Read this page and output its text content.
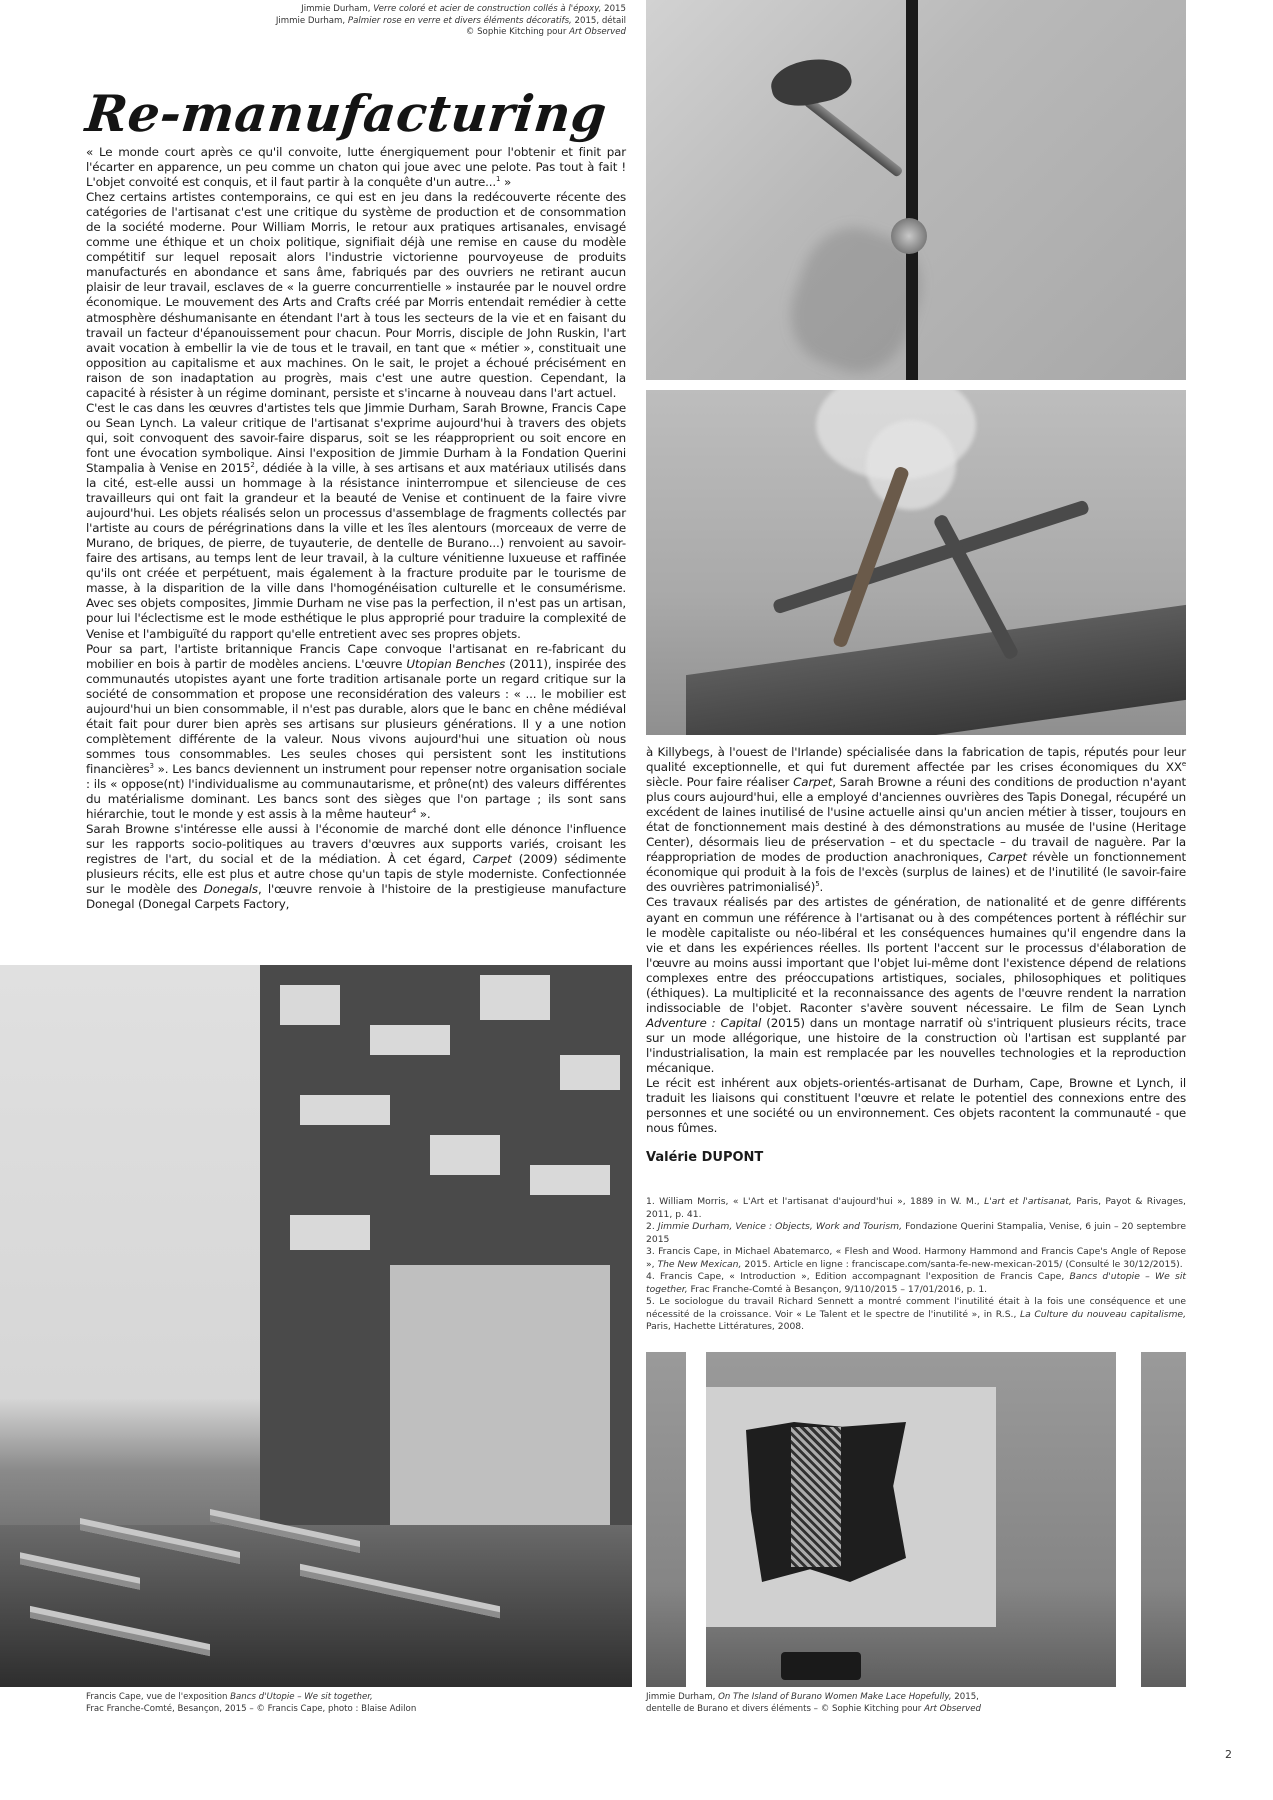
Jimmie Durham, Verre coloré et acier de construction collés à l'époxy, 2015
Jimmie Durham, Palmier rose en verre et divers éléments décoratifs, 2015, détail
© Sophie Kitching pour Art Observed
Re-manufacturing

« Le monde court après ce qu'il convoite, lutte énergiquement pour l'obtenir et finit par l'écarter en apparence, un peu comme un chaton qui joue avec une pelote. Pas tout à fait ! L'objet convoité est conquis, et il faut partir à la conquête d'un autre...$^1$ »

Chez certains artistes contemporains, ce qui est en jeu dans la redécouverte récente des catégories de l'artisanat c'est une critique du système de production et de consommation de la société moderne. Pour William Morris, le retour aux pratiques artisanales, envisagé comme une éthique et un choix politique, signifiait déjà une remise en cause du modèle compétitif sur lequel reposait alors l'industrie victorienne pourvoyeuse de produits manufacturés en abondance et sans âme, fabriqués par des ouvriers ne retirant aucun plaisir de leur travail, esclaves de « la guerre concurrentielle » instaurée par le nouvel ordre économique. Le mouvement des Arts and Crafts créé par Morris entendait remédier à cette atmosphère déshumanisante en étendant l'art à tous les secteurs de la vie et en faisant du travail un facteur d'épanouissement pour chacun. Pour Morris, disciple de John Ruskin, l'art avait vocation à embellir la vie de tous et le travail, en tant que « métier », constituait une opposition au capitalisme et aux machines. On le sait, le projet a échoué précisément en raison de son inadaptation au progrès, mais c'est une autre question. Cependant, la capacité à résister à un régime dominant, persiste et s'incarne à nouveau dans l'art actuel.

C'est le cas dans les œuvres d'artistes tels que Jimmie Durham, Sarah Browne, Francis Cape ou Sean Lynch. La valeur critique de l'artisanat s'exprime aujourd'hui à travers des objets qui, soit convoquent des savoir-faire disparus, soit se les réapproprient ou soit encore en font une évocation symbolique. Ainsi l'exposition de Jimmie Durham à la Fondation Querini Stampalia à Venise en 2015$^2$, dédiée à la ville, à ses artisans et aux matériaux utilisés dans la cité, est-elle aussi un hommage à la résistance ininterrompue et silencieuse de ces travailleurs qui ont fait la grandeur et la beauté de Venise et continuent de la faire vivre aujourd'hui. Les objets réalisés selon un processus d'assemblage de fragments collectés par l'artiste au cours de pérégrinations dans la ville et les îles alentours (morceaux de verre de Murano, de briques, de pierre, de tuyauterie, de dentelle de Burano...) renvoient au savoir-faire des artisans, au temps lent de leur travail, à la culture vénitienne luxueuse et raffinée qu'ils ont créée et perpétuent, mais également à la fracture produite par le tourisme de masse, à la disparition de la ville dans l'homogénéisation culturelle et le consumérisme. Avec ses objets composites, Jimmie Durham ne vise pas la perfection, il n'est pas un artisan, pour lui l'éclectisme est le mode esthétique le plus approprié pour traduire la complexité de Venise et l'ambiguïté du rapport qu'elle entretient avec ses propres objets.

Pour sa part, l'artiste britannique Francis Cape convoque l'artisanat en re-fabricant du mobilier en bois à partir de modèles anciens. L'œuvre Utopian Benches (2011), inspirée des communautés utopistes ayant une forte tradition artisanale porte un regard critique sur la société de consommation et propose une reconsidération des valeurs : « ... le mobilier est aujourd'hui un bien consommable, il n'est pas durable, alors que le banc en chêne médiéval était fait pour durer bien après ses artisans sur plusieurs générations. Il y a une notion complètement différente de la valeur. Nous vivons aujourd'hui une situation où nous sommes tous consommables. Les seules choses qui persistent sont les institutions financières$^3$ ». Les bancs deviennent un instrument pour repenser notre organisation sociale : ils « oppose(nt) l'individualisme au communautarisme, et prône(nt) des valeurs différentes du matérialisme dominant. Les bancs sont des sièges que l'on partage ; ils sont sans hiérarchie, tout le monde y est assis à la même hauteur$^4$ ».

Sarah Browne s'intéresse elle aussi à l'économie de marché dont elle dénonce l'influence sur les rapports socio-politiques au travers d'œuvres aux supports variés, croisant les registres de l'art, du social et de la médiation. À cet égard, Carpet (2009) sédimente plusieurs récits, elle est plus et autre chose qu'un tapis de style moderniste. Confectionnée sur le modèle des Donegals, l'œuvre renvoie à l'histoire de la prestigieuse manufacture Donegal (Donegal Carpets Factory,

à Killybegs, à l'ouest de l'Irlande) spécialisée dans la fabrication de tapis, réputés pour leur qualité exceptionnelle, et qui fut durement affectée par les crises économiques du XXe siècle. Pour faire réaliser Carpet, Sarah Browne a réuni des conditions de production n'ayant plus cours aujourd'hui, elle a employé d'anciennes ouvrières des Tapis Donegal, récupéré un excédent de laines inutilisé de l'usine actuelle ainsi qu'un ancien métier à tisser, toujours en état de fonctionnement mais destiné à des démonstrations au musée de l'usine (Heritage Center), désormais lieu de préservation – et du spectacle – du travail de naguère. Par la réappropriation de modes de production anachroniques, Carpet révèle un fonctionnement économique qui produit à la fois de l'excès (surplus de laines) et de l'inutilité (le savoir-faire des ouvrières patrimonialisé)$^5$.

Ces travaux réalisés par des artistes de génération, de nationalité et de genre différents ayant en commun une référence à l'artisanat ou à des compétences portent à réfléchir sur le modèle capitaliste ou néo-libéral et les conséquences humaines qu'il engendre dans la vie et dans les expériences réelles. Ils portent l'accent sur le processus d'élaboration de l'œuvre au moins aussi important que l'objet lui-même dont l'existence dépend de relations complexes entre des préoccupations artistiques, sociales, philosophiques et politiques (éthiques). La multiplicité et la reconnaissance des agents de l'œuvre rendent la narration indissociable de l'objet. Raconter s'avère souvent nécessaire. Le film de Sean Lynch Adventure : Capital (2015) dans un montage narratif où s'intriquent plusieurs récits, trace sur un mode allégorique, une histoire de la construction où l'artisan est supplanté par l'industrialisation, la main est remplacée par les nouvelles technologies et la reproduction mécanique.

Le récit est inhérent aux objets-orientés-artisanat de Durham, Cape, Browne et Lynch, il traduit les liaisons qui constituent l'œuvre et relate le potentiel des connexions entre des personnes et une société ou un environnement. Ces objets racontent la communauté - que nous fûmes.

Valérie DUPONT

1. William Morris, « L'Art et l'artisanat d'aujourd'hui », 1889 in W. M., L'art et l'artisanat, Paris, Payot & Rivages, 2011, p. 41.

2. Jimmie Durham, Venice : Objects, Work and Tourism, Fondazione Querini Stampalia, Venise, 6 juin – 20 septembre 2015

3. Francis Cape, in Michael Abatemarco, « Flesh and Wood. Harmony Hammond and Francis Cape's Angle of Repose », The New Mexican, 2015. Article en ligne : franciscape.com/santa-fe-new-mexican-2015/ (Consulté le 30/12/2015).

4. Francis Cape, « Introduction », Edition accompagnant l'exposition de Francis Cape, Bancs d'utopie – We sit together, Frac Franche-Comté à Besançon, 9/110/2015 – 17/01/2016, p. 1.

5. Le sociologue du travail Richard Sennett a montré comment l'inutilité était à la fois une conséquence et une nécessité de la croissance. Voir « Le Talent et le spectre de l'inutilité », in R.S., La Culture du nouveau capitalisme, Paris, Hachette Littératures, 2008.

Francis Cape, vue de l'exposition Bancs d'Utopie – We sit together,
Frac Franche-Comté, Besançon, 2015 – © Francis Cape, photo : Blaise Adilon
Jimmie Durham, On The Island of Burano Women Make Lace Hopefully, 2015,
dentelle de Burano et divers éléments – © Sophie Kitching pour Art Observed
2
